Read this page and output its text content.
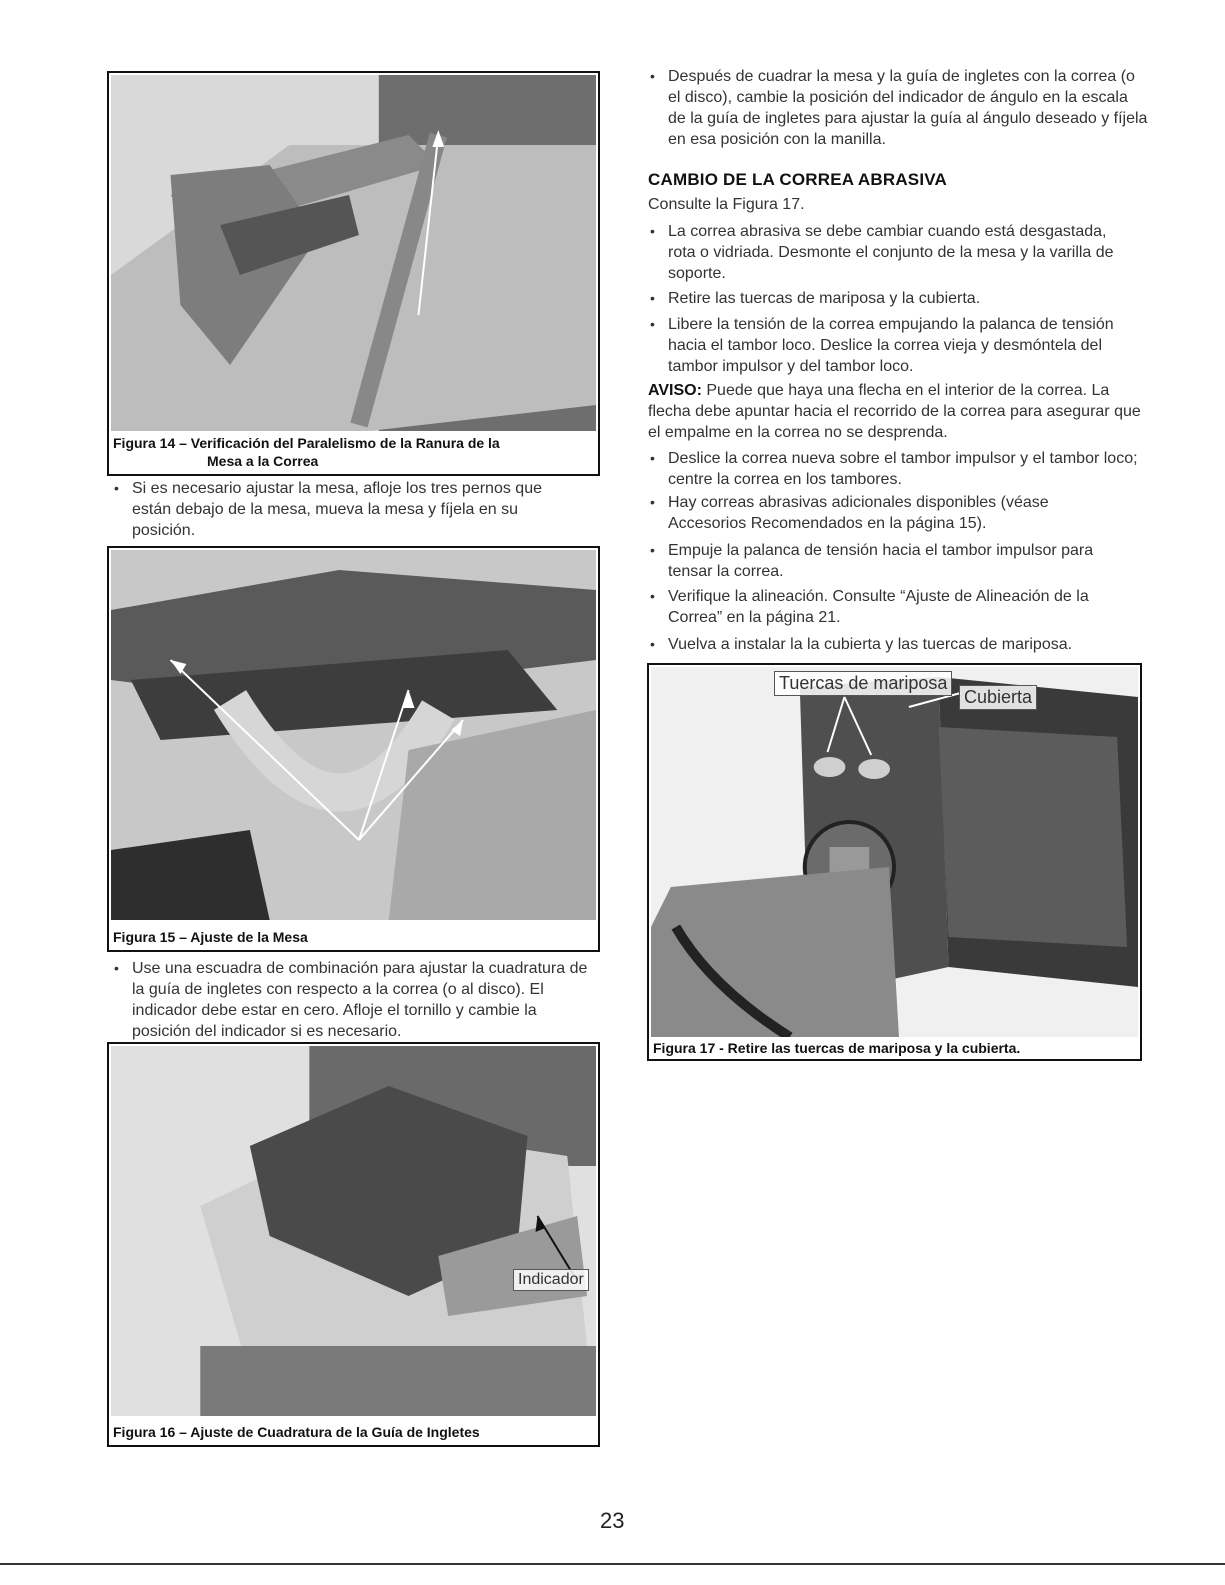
Figura 14 – Verificación del Paralelismo de la Ranura de la
Mesa a la Correa
• Si es necesario ajustar la mesa, afloje los tres pernos que están debajo de la mesa, mueva la mesa y fíjela en su posición.
Figura 15 – Ajuste de la Mesa
• Use una escuadra de combinación para ajustar la cuadratura de la guía de ingletes con respecto a la correa (o al disco). El indicador debe estar en cero. Afloje el tornillo y cambie la posición del indicador si es necesario.
Indicador
Figura 16 – Ajuste de Cuadratura de la Guía de Ingletes
• Después de cuadrar la mesa y la guía de ingletes con la correa (o el disco), cambie la posición del indicador de ángulo en la escala de la guía de ingletes para ajustar la guía al ángulo deseado y fíjela en esa posición con la manilla.
CAMBIO DE LA CORREA ABRASIVA
Consulte la Figura 17.
• La correa abrasiva se debe cambiar cuando está desgastada, rota o vidriada. Desmonte el conjunto de la mesa y la varilla de soporte.
• Retire las tuercas de mariposa y la cubierta.
• Libere la tensión de la correa empujando la palanca de tensión hacia el tambor loco. Deslice la correa vieja y desmóntela del tambor impulsor y del tambor loco.
AVISO: Puede que haya una flecha en el interior de la correa. La flecha debe apuntar hacia el recorrido de la correa para asegurar que el empalme en la correa no se desprenda.
• Deslice la correa nueva sobre el tambor impulsor y el tambor loco; centre la correa en los tambores.
• Hay correas abrasivas adicionales disponibles (véase Accesorios Recomendados en la página 15).
• Empuje la palanca de tensión hacia el tambor impulsor para tensar la correa.
• Verifique la alineación. Consulte “Ajuste de Alineación de la Correa” en la página 21.
• Vuelva a instalar la la cubierta y las tuercas de mariposa.
Tuercas de mariposa
Cubierta
Figura 17 - Retire las tuercas de mariposa y la cubierta.
23
